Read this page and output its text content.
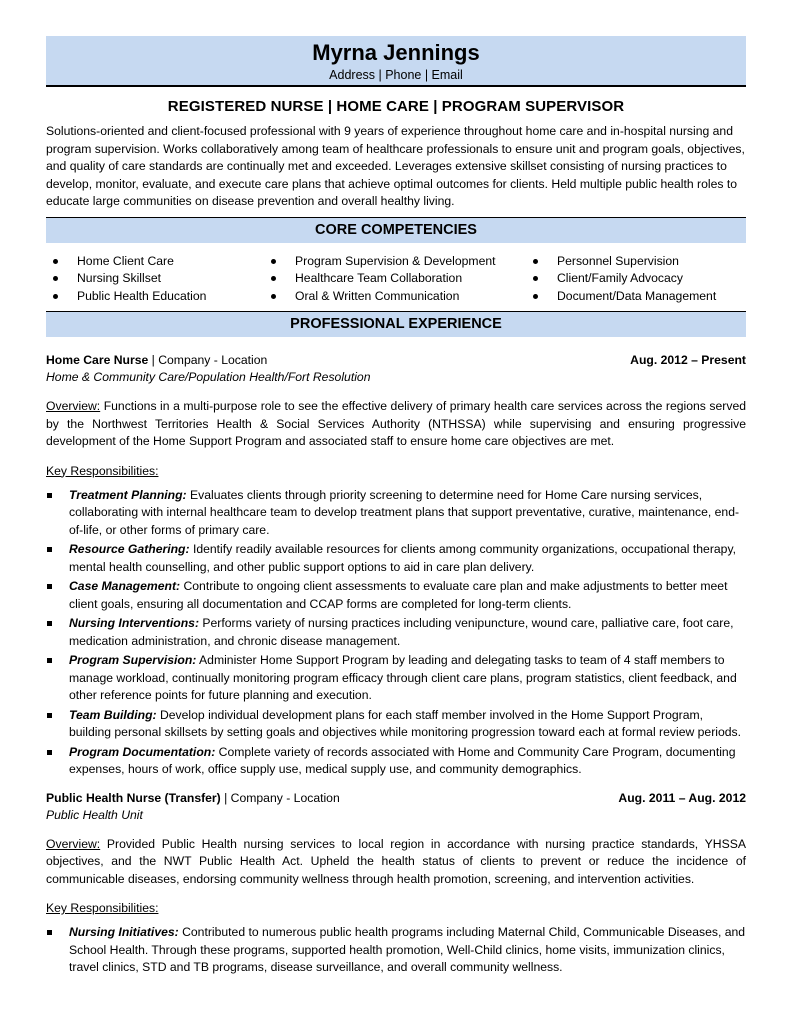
Myrna Jennings
Address | Phone | Email
REGISTERED NURSE | HOME CARE | PROGRAM SUPERVISOR

Solutions-oriented and client-focused professional with 9 years of experience throughout home care and in-hospital nursing and program supervision. Works collaboratively among team of healthcare professionals to ensure unit and program goals, objectives, and quality of care standards are continually met and exceeded. Leverages extensive skillset consisting of nursing practices to develop, monitor, evaluate, and execute care plans that achieve optimal outcomes for clients. Held multiple public health roles to educate large communities on disease prevention and overall healthy living.

CORE COMPETENCIES
Home Client Care
Nursing Skillset
Public Health Education
Program Supervision & Development
Healthcare Team Collaboration
Oral & Written Communication
Personnel Supervision
Client/Family Advocacy
Document/Data Management
PROFESSIONAL EXPERIENCE
Home Care Nurse | Company - Location	Aug. 2012 – Present
Home & Community Care/Population Health/Fort Resolution

Overview: Functions in a multi-purpose role to see the effective delivery of primary health care services across the regions served by the Northwest Territories Health & Social Services Authority (NTHSSA) while supervising and ensuring progressive development of the Home Support Program and associated staff to ensure home care objectives are met.

Key Responsibilities:
Treatment Planning: Evaluates clients through priority screening to determine need for Home Care nursing services, collaborating with internal healthcare team to develop treatment plans that support preventative, curative, maintenance, end-of-life, or other forms of primary care.
Resource Gathering: Identify readily available resources for clients among community organizations, occupational therapy, mental health counselling, and other public support options to aid in care plan delivery.
Case Management: Contribute to ongoing client assessments to evaluate care plan and make adjustments to better meet client goals, ensuring all documentation and CCAP forms are completed for long-term clients.
Nursing Interventions: Performs variety of nursing practices including venipuncture, wound care, palliative care, foot care, medication administration, and chronic disease management.
Program Supervision: Administer Home Support Program by leading and delegating tasks to team of 4 staff members to manage workload, continually monitoring program efficacy through client care plans, program statistics, client feedback, and other reference points for future planning and execution.
Team Building: Develop individual development plans for each staff member involved in the Home Support Program, building personal skillsets by setting goals and objectives while monitoring progression toward each at formal review periods.
Program Documentation: Complete variety of records associated with Home and Community Care Program, documenting expenses, hours of work, office supply use, medical supply use, and community demographics.
Public Health Nurse (Transfer) | Company - Location	Aug. 2011 – Aug. 2012
Public Health Unit

Overview: Provided Public Health nursing services to local region in accordance with nursing practice standards, YHSSA objectives, and the NWT Public Health Act. Upheld the health status of clients to prevent or reduce the incidence of communicable diseases, endorsing community wellness through health promotion, screening, and intervention activities.

Key Responsibilities:
Nursing Initiatives: Contributed to numerous public health programs including Maternal Child, Communicable Diseases, and School Health. Through these programs, supported health promotion, Well-Child clinics, home visits, immunization clinics, travel clinics, STD and TB programs, disease surveillance, and overall community wellness.
